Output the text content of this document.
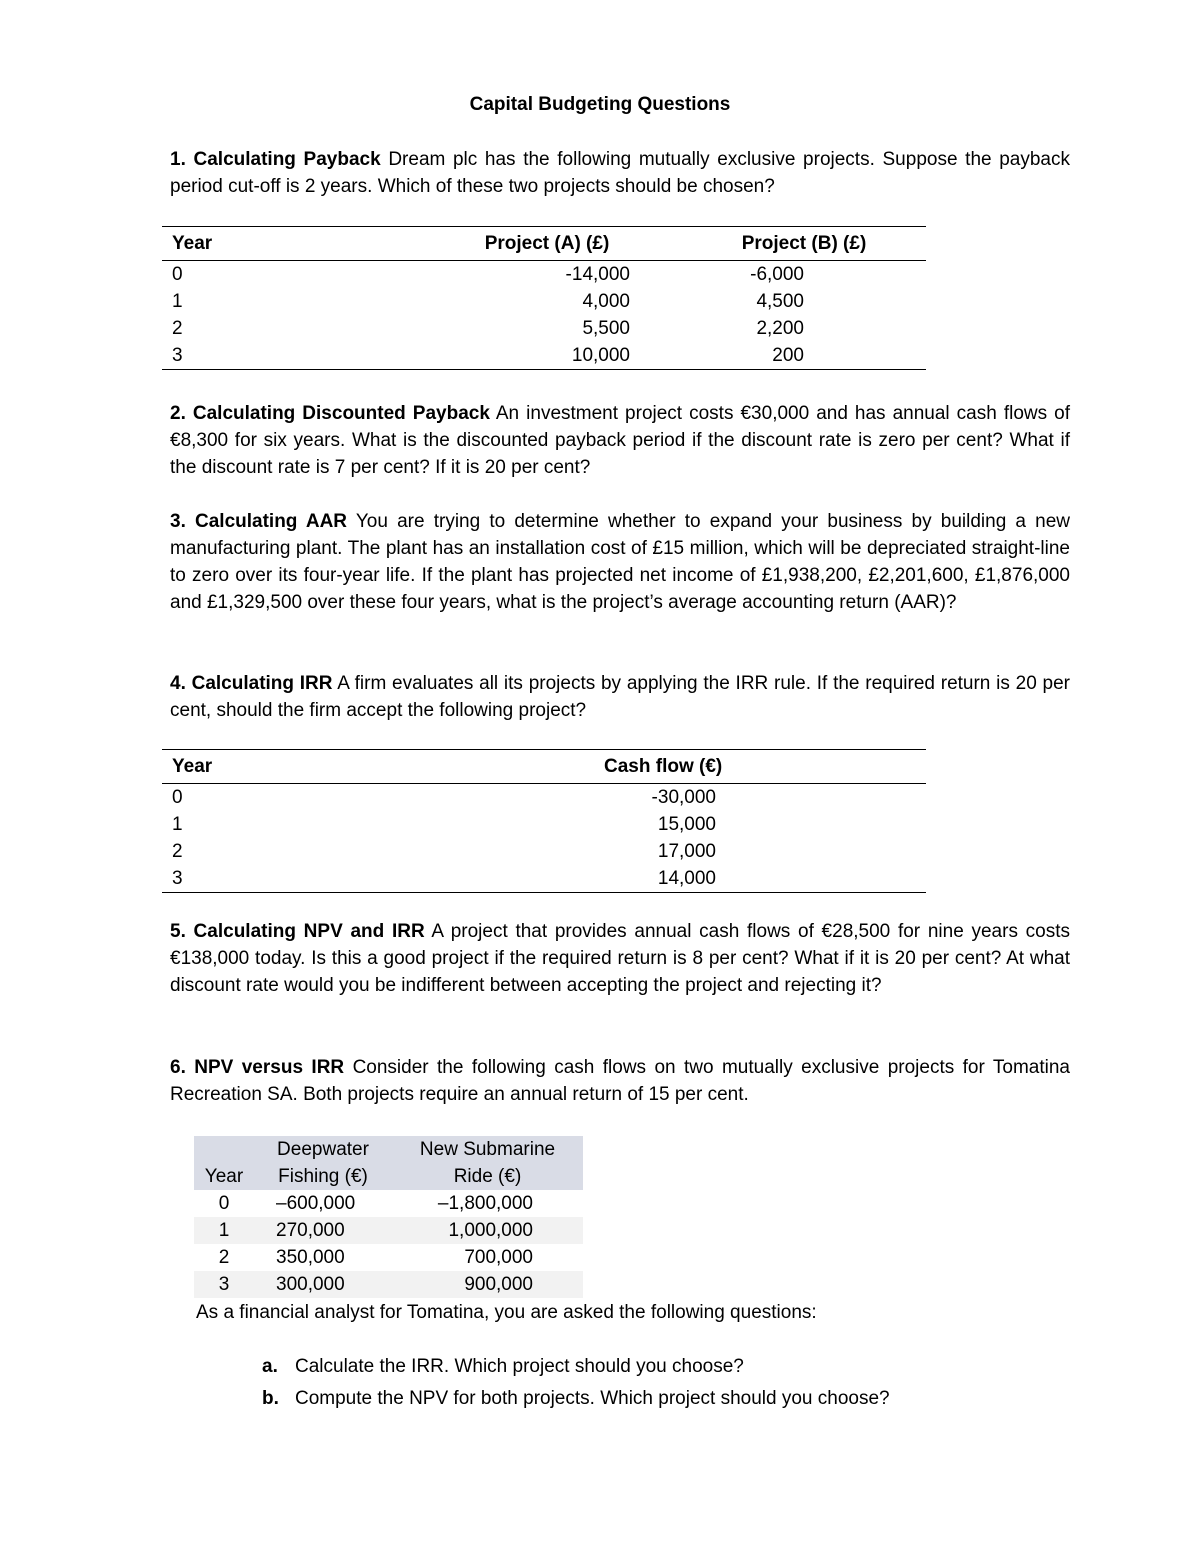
Capital Budgeting Questions
1. Calculating Payback Dream plc has the following mutually exclusive projects. Suppose the payback period cut-off is 2 years. Which of these two projects should be chosen?
Year	Project (A) (£)	Project (B) (£)
0	-14,000	-6,000
1	4,000	4,500
2	5,500	2,200
3	10,000	200
2. Calculating Discounted Payback An investment project costs €30,000 and has annual cash flows of €8,300 for six years. What is the discounted payback period if the discount rate is zero per cent? What if the discount rate is 7 per cent? If it is 20 per cent?
3. Calculating AAR You are trying to determine whether to expand your business by building a new manufacturing plant. The plant has an installation cost of £15 million, which will be depreciated straight-line to zero over its four-year life. If the plant has projected net income of £1,938,200, £2,201,600, £1,876,000 and £1,329,500 over these four years, what is the project’s average accounting return (AAR)?
4. Calculating IRR A firm evaluates all its projects by applying the IRR rule. If the required return is 20 per cent, should the firm accept the following project?
Year	Cash flow (€)
0	-30,000
1	15,000
2	17,000
3	14,000
5. Calculating NPV and IRR A project that provides annual cash flows of €28,500 for nine years costs €138,000 today. Is this a good project if the required return is 8 per cent? What if it is 20 per cent? At what discount rate would you be indifferent between accepting the project and rejecting it?
6. NPV versus IRR Consider the following cash flows on two mutually exclusive projects for Tomatina Recreation SA. Both projects require an annual return of 15 per cent.
Year	Deepwater Fishing (€)	New Submarine Ride (€)
0	–600,000	–1,800,000
1	270,000	1,000,000
2	350,000	700,000
3	300,000	900,000
As a financial analyst for Tomatina, you are asked the following questions:
a. Calculate the IRR. Which project should you choose?
b. Compute the NPV for both projects. Which project should you choose?
